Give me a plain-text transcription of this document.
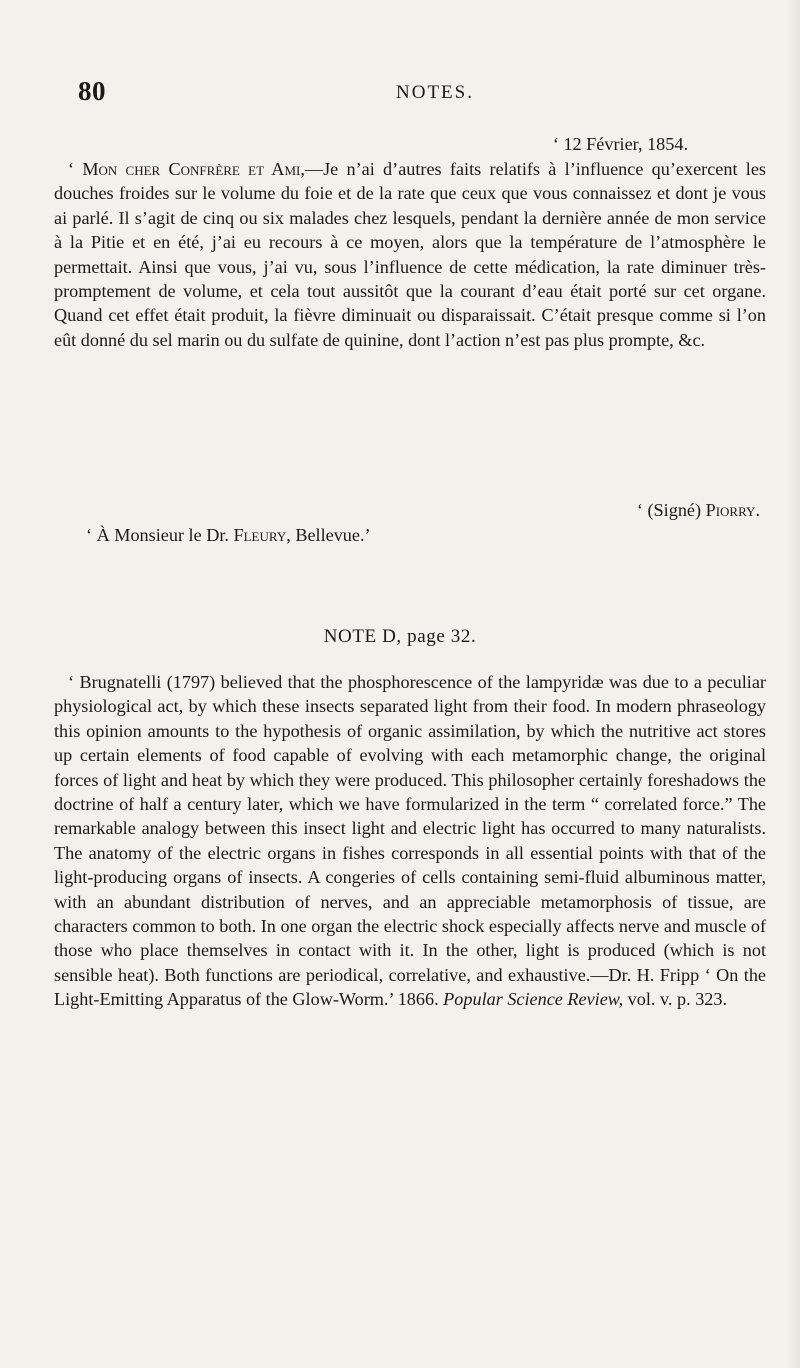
80	NOTES.

‘ 12 Février, 1854.

‘ Mon cher Confrère et Ami,—Je n’ai d’autres faits relatifs à l’influence qu’exercent les douches froides sur le volume du foie et de la rate que ceux que vous connaissez et dont je vous ai parlé. Il s’agit de cinq ou six malades chez lesquels, pendant la dernière année de mon service à la Pitie et en été, j’ai eu recours à ce moyen, alors que la température de l’atmosphère le permettait. Ainsi que vous, j’ai vu, sous l’influence de cette médication, la rate diminuer très-promptement de volume, et cela tout aussitôt que la courant d’eau était porté sur cet organe. Quand cet effet était produit, la fièvre diminuait ou disparaissait. C’était presque comme si l’on eût donné du sel marin ou du sulfate de quinine, dont l’action n’est pas plus prompte, &c.

‘ (Signé) Piorry.

‘ À Monsieur le Dr. Fleury, Bellevue.’

NOTE D, page 32.

‘ Brugnatelli (1797) believed that the phosphorescence of the lampyridæ was due to a peculiar physiological act, by which these insects separated light from their food. In modern phraseology this opinion amounts to the hypothesis of organic assimilation, by which the nutritive act stores up certain elements of food capable of evolving with each metamorphic change, the original forces of light and heat by which they were produced. This philosopher certainly foreshadows the doctrine of half a century later, which we have formularized in the term “ correlated force.” The remarkable analogy between this insect light and electric light has occurred to many naturalists. The anatomy of the electric organs in fishes corresponds in all essential points with that of the light-producing organs of insects. A congeries of cells containing semi-fluid albuminous matter, with an abundant distribution of nerves, and an appreciable metamorphosis of tissue, are characters common to both. In one organ the electric shock especially affects nerve and muscle of those who place themselves in contact with it. In the other, light is produced (which is not sensible heat). Both functions are periodical, correlative, and exhaustive.—Dr. H. Fripp ‘ On the Light-Emitting Apparatus of the Glow-Worm.’ 1866. Popular Science Review, vol. v. p. 323.
